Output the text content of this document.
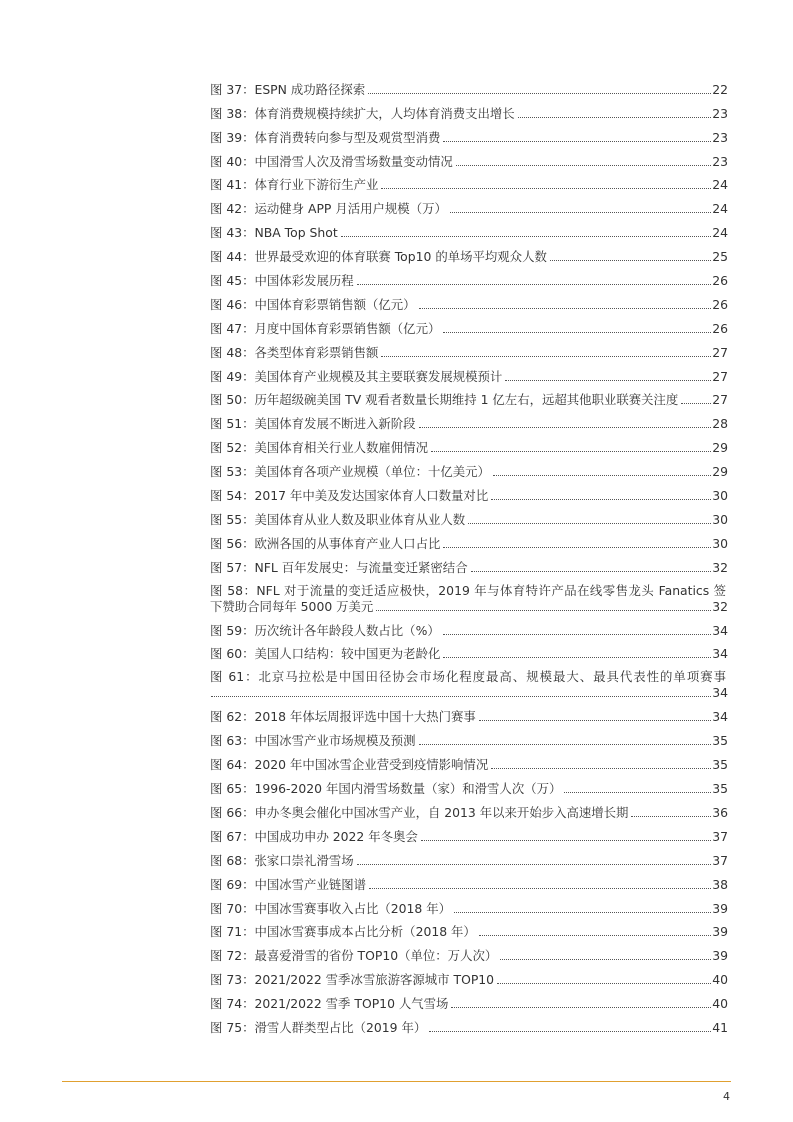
图 37：ESPN 成功路径探索	22
图 38：体育消费规模持续扩大，人均体育消费支出增长	23
图 39：体育消费转向参与型及观赏型消费	23
图 40：中国滑雪人次及滑雪场数量变动情况	23
图 41：体育行业下游衍生产业	24
图 42：运动健身 APP 月活用户规模（万）	24
图 43：NBA Top Shot	24
图 44：世界最受欢迎的体育联赛 Top10 的单场平均观众人数	25
图 45：中国体彩发展历程	26
图 46：中国体育彩票销售额（亿元）	26
图 47：月度中国体育彩票销售额（亿元）	26
图 48：各类型体育彩票销售额	27
图 49：美国体育产业规模及其主要联赛发展规模预计	27
图 50：历年超级碗美国 TV 观看者数量长期维持 1 亿左右，远超其他职业联赛关注度	27
图 51：美国体育发展不断进入新阶段	28
图 52：美国体育相关行业人数雇佣情况	29
图 53：美国体育各项产业规模（单位：十亿美元）	29
图 54：2017 年中美及发达国家体育人口数量对比	30
图 55：美国体育从业人数及职业体育从业人数	30
图 56：欧洲各国的从事体育产业人口占比	30
图 57：NFL 百年发展史：与流量变迁紧密结合	32
图 58：NFL 对于流量的变迁适应极快，2019 年与体育特许产品在线零售龙头 Fanatics 签
下赞助合同每年 5000 万美元	32
图 59：历次统计各年龄段人数占比（%）	34
图 60：美国人口结构：较中国更为老龄化	34
图 61：北京马拉松是中国田径协会市场化程度最高、规模最大、最具代表性的单项赛事
34
图 62：2018 年体坛周报评选中国十大热门赛事	34
图 63：中国冰雪产业市场规模及预测	35
图 64：2020 年中国冰雪企业营受到疫情影响情况	35
图 65：1996-2020 年国内滑雪场数量（家）和滑雪人次（万）	35
图 66：申办冬奥会催化中国冰雪产业，自 2013 年以来开始步入高速增长期	36
图 67：中国成功申办 2022 年冬奥会	37
图 68：张家口崇礼滑雪场	37
图 69：中国冰雪产业链图谱	38
图 70：中国冰雪赛事收入占比（2018 年）	39
图 71：中国冰雪赛事成本占比分析（2018 年）	39
图 72：最喜爱滑雪的省份 TOP10（单位：万人次）	39
图 73：2021/2022 雪季冰雪旅游客源城市 TOP10	40
图 74：2021/2022 雪季 TOP10 人气雪场	40
图 75：滑雪人群类型占比（2019 年）	41
4
